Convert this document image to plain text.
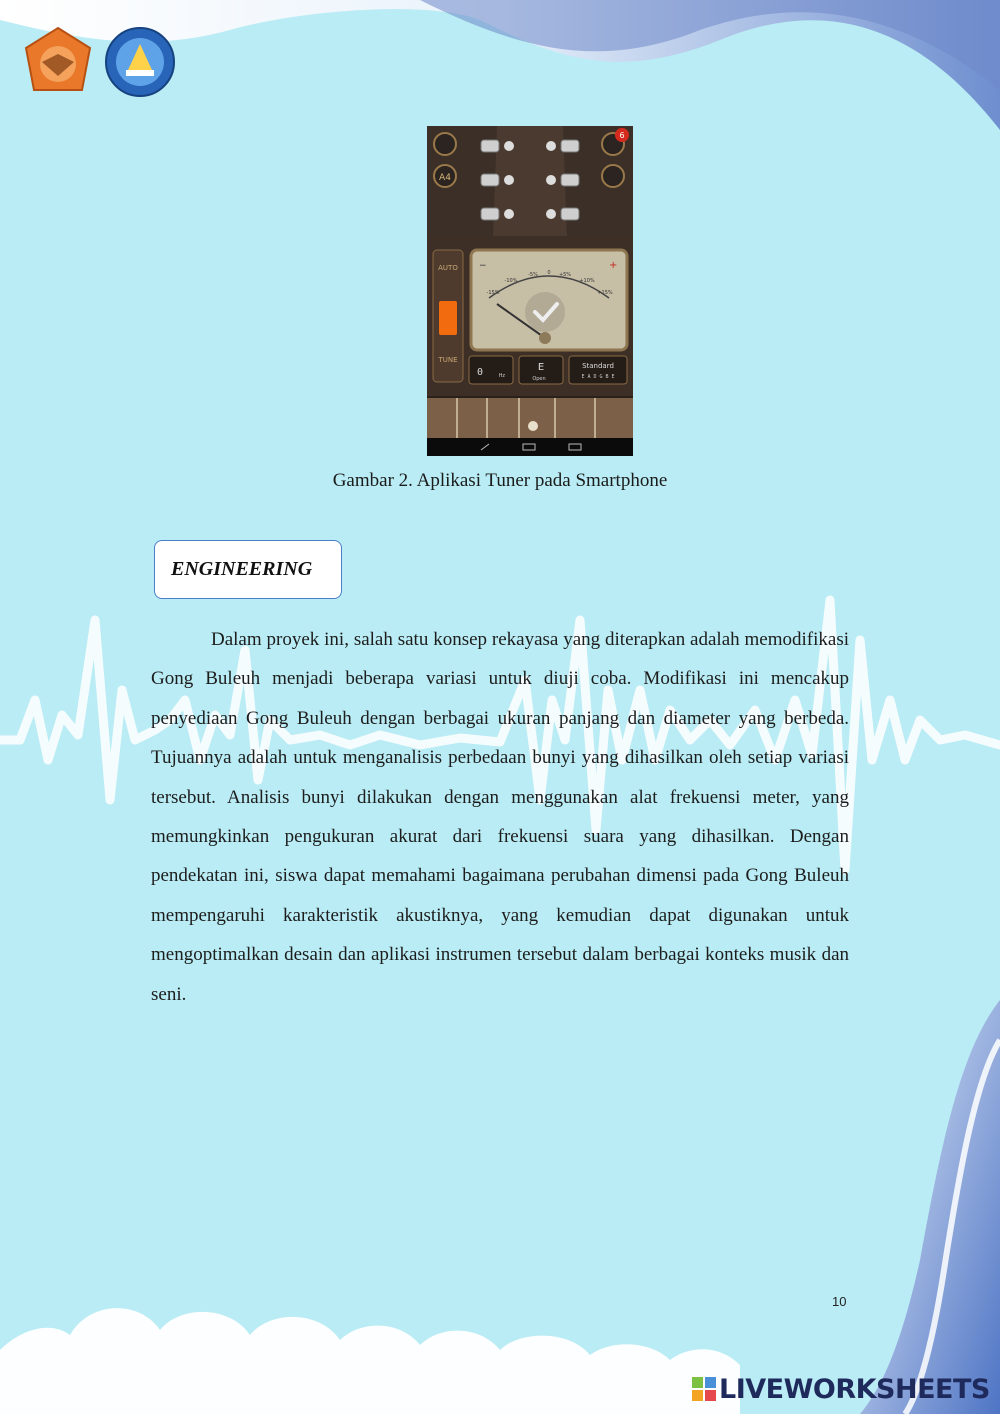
A4
6
AUTO
TUNE
−	+
-15%
-10%
-5% 0 +5%
+10%
+15%
0	Hz
E
Open
Standard
E A D G B E
Gambar 2. Aplikasi Tuner pada Smartphone
ENGINEERING

Dalam proyek ini, salah satu konsep rekayasa yang diterapkan adalah memodifikasi Gong Buleuh menjadi beberapa variasi untuk diuji coba. Modifikasi ini mencakup penyediaan Gong Buleuh dengan berbagai ukuran panjang dan diameter yang berbeda. Tujuannya adalah untuk menganalisis perbedaan bunyi yang dihasilkan oleh setiap variasi tersebut. Analisis bunyi dilakukan dengan menggunakan alat frekuensi meter, yang memungkinkan pengukuran akurat dari frekuensi suara yang dihasilkan. Dengan pendekatan ini, siswa dapat memahami bagaimana perubahan dimensi pada Gong Buleuh mempengaruhi karakteristik akustiknya, yang kemudian dapat digunakan untuk mengoptimalkan desain dan aplikasi instrumen tersebut dalam berbagai konteks musik dan seni.

10
LIVEWORKSHEETS
